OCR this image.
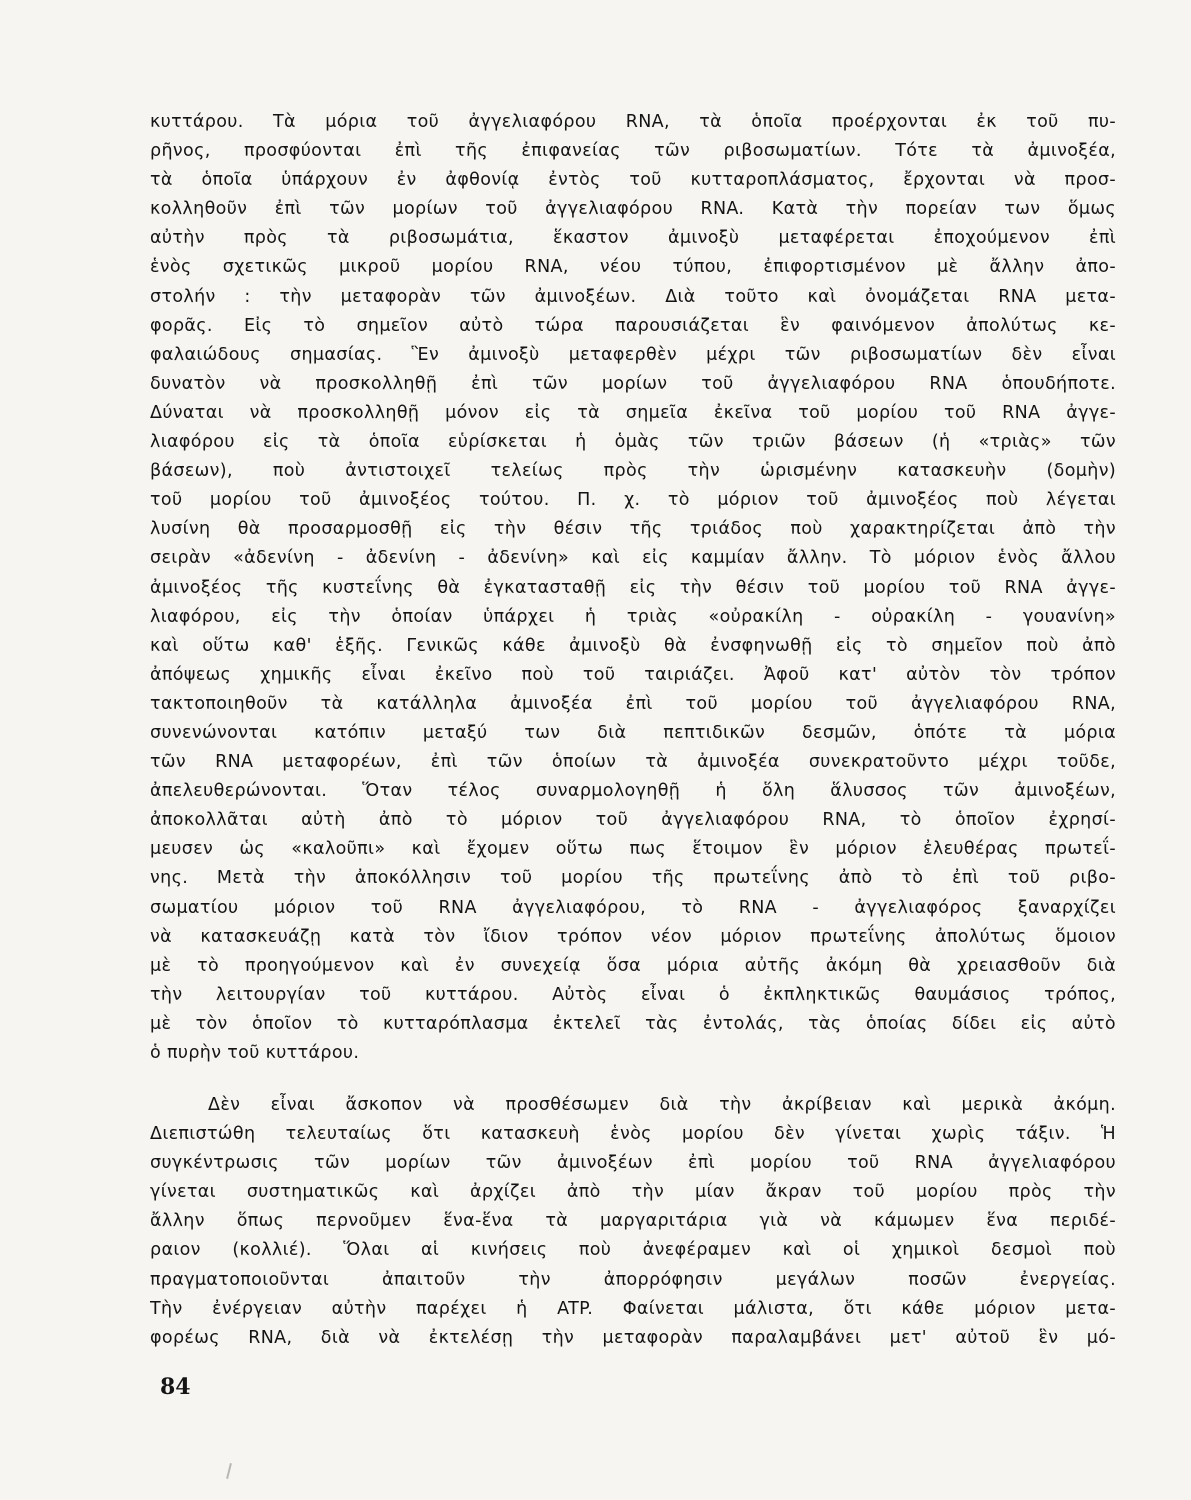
κυττάρου. Τὰ μόρια τοῦ ἀγγελιαφόρου RNA, τὰ ὁποῖα προέρχονται ἐκ τοῦ πυ-
ρῆνος, προσφύονται ἐπὶ τῆς ἐπιφανείας τῶν ριβοσωματίων. Τότε τὰ ἀμινοξέα,
τὰ ὁποῖα ὑπάρχουν ἐν ἀφθονίᾳ ἐντὸς τοῦ κυτταροπλάσματος, ἔρχονται νὰ προσ-
κολληθοῦν ἐπὶ τῶν μορίων τοῦ ἀγγελιαφόρου RNA. Κατὰ τὴν πορείαν των ὅμως
αὐτὴν πρὸς τὰ ριβοσωμάτια, ἕκαστον ἀμινοξὺ μεταφέρεται ἐποχούμενον ἐπὶ
ἑνὸς σχετικῶς μικροῦ μορίου RNA, νέου τύπου, ἐπιφορτισμένον μὲ ἄλλην ἀπο-
στολήν : τὴν μεταφορὰν τῶν ἀμινοξέων. Διὰ τοῦτο καὶ ὀνομάζεται RNA μετα-
φορᾶς. Εἰς τὸ σημεῖον αὐτὸ τώρα παρουσιάζεται ἓν φαινόμενον ἀπολύτως κε-
φαλαιώδους σημασίας. Ἓν ἀμινοξὺ μεταφερθὲν μέχρι τῶν ριβοσωματίων δὲν εἶναι
δυνατὸν νὰ προσκολληθῇ ἐπὶ τῶν μορίων τοῦ ἀγγελιαφόρου RNA ὁπουδήποτε.
Δύναται νὰ προσκολληθῇ μόνον εἰς τὰ σημεῖα ἐκεῖνα τοῦ μορίου τοῦ RNA ἀγγε-
λιαφόρου εἰς τὰ ὁποῖα εὑρίσκεται ἡ ὁμὰς τῶν τριῶν βάσεων (ἡ «τριὰς» τῶν
βάσεων), ποὺ ἀντιστοιχεῖ τελείως πρὸς τὴν ὡρισμένην κατασκευὴν (δομὴν)
τοῦ μορίου τοῦ ἀμινοξέος τούτου. Π. χ. τὸ μόριον τοῦ ἀμινοξέος ποὺ λέγεται
λυσίνη θὰ προσαρμοσθῇ εἰς τὴν θέσιν τῆς τριάδος ποὺ χαρακτηρίζεται ἀπὸ τὴν
σειρὰν «ἀδενίνη - ἀδενίνη - ἀδενίνη» καὶ εἰς καμμίαν ἄλλην. Τὸ μόριον ἑνὸς ἄλλου
ἀμινοξέος τῆς κυστεΐνης θὰ ἐγκατασταθῇ εἰς τὴν θέσιν τοῦ μορίου τοῦ RNA ἀγγε-
λιαφόρου, εἰς τὴν ὁποίαν ὑπάρχει ἡ τριὰς «οὐρακίλη - οὐρακίλη - γουανίνη»
καὶ οὕτω καθ' ἑξῆς. Γενικῶς κάθε ἀμινοξὺ θὰ ἐνσφηνωθῇ εἰς τὸ σημεῖον ποὺ ἀπὸ
ἀπόψεως χημικῆς εἶναι ἐκεῖνο ποὺ τοῦ ταιριάζει. Ἀφοῦ κατ' αὐτὸν τὸν τρόπον
τακτοποιηθοῦν τὰ κατάλληλα ἀμινοξέα ἐπὶ τοῦ μορίου τοῦ ἀγγελιαφόρου RNA,
συνενώνονται κατόπιν μεταξύ των διὰ πεπτιδικῶν δεσμῶν, ὁπότε τὰ μόρια
τῶν RNA μεταφορέων, ἐπὶ τῶν ὁποίων τὰ ἀμινοξέα συνεκρατοῦντο μέχρι τοῦδε,
ἀπελευθερώνονται. Ὅταν τέλος συναρμολογηθῇ ἡ ὅλη ἅλυσσος τῶν ἀμινοξέων,
ἀποκολλᾶται αὐτὴ ἀπὸ τὸ μόριον τοῦ ἀγγελιαφόρου RNA, τὸ ὁποῖον ἐχρησί-
μευσεν ὡς «καλοῦπι» καὶ ἔχομεν οὕτω πως ἕτοιμον ἓν μόριον ἐλευθέρας πρωτεΐ-
νης. Μετὰ τὴν ἀποκόλλησιν τοῦ μορίου τῆς πρωτεΐνης ἀπὸ τὸ ἐπὶ τοῦ ριβο-
σωματίου μόριον τοῦ RNA ἀγγελιαφόρου, τὸ RNA - ἀγγελιαφόρος ξαναρχίζει
νὰ κατασκευάζῃ κατὰ τὸν ἴδιον τρόπον νέον μόριον πρωτεΐνης ἀπολύτως ὅμοιον
μὲ τὸ προηγούμενον καὶ ἐν συνεχείᾳ ὅσα μόρια αὐτῆς ἀκόμη θὰ χρειασθοῦν διὰ
τὴν λειτουργίαν τοῦ κυττάρου. Αὐτὸς εἶναι ὁ ἐκπληκτικῶς θαυμάσιος τρόπος,
μὲ τὸν ὁποῖον τὸ κυτταρόπλασμα ἐκτελεῖ τὰς ἐντολάς, τὰς ὁποίας δίδει εἰς αὐτὸ
ὁ πυρὴν τοῦ κυττάρου.
Δὲν εἶναι ἄσκοπον νὰ προσθέσωμεν διὰ τὴν ἀκρίβειαν καὶ μερικὰ ἀκόμη.
Διεπιστώθη τελευταίως ὅτι κατασκευὴ ἑνὸς μορίου δὲν γίνεται χωρὶς τάξιν. Ἡ
συγκέντρωσις τῶν μορίων τῶν ἀμινοξέων ἐπὶ μορίου τοῦ RNA ἀγγελιαφόρου
γίνεται συστηματικῶς καὶ ἀρχίζει ἀπὸ τὴν μίαν ἄκραν τοῦ μορίου πρὸς τὴν
ἄλλην ὅπως περνοῦμεν ἕνα-ἕνα τὰ μαργαριτάρια γιὰ νὰ κάμωμεν ἕνα περιδέ-
ραιον (κολλιέ). Ὅλαι αἱ κινήσεις ποὺ ἀνεφέραμεν καὶ οἱ χημικοὶ δεσμοὶ ποὺ
πραγματοποιοῦνται ἀπαιτοῦν τὴν ἀπορρόφησιν μεγάλων ποσῶν ἐνεργείας.
Τὴν ἐνέργειαν αὐτὴν παρέχει ἡ ATP. Φαίνεται μάλιστα, ὅτι κάθε μόριον μετα-
φορέως RNA, διὰ νὰ ἐκτελέσῃ τὴν μεταφορὰν παραλαμβάνει μετ' αὐτοῦ ἓν μό-
84
